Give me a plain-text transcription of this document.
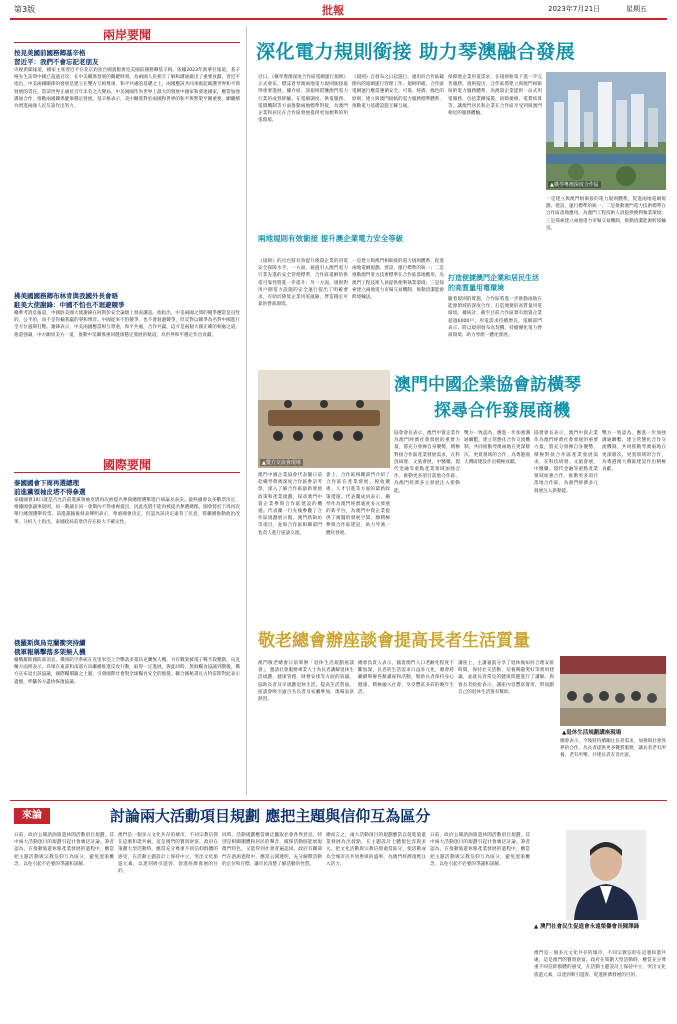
第3版	批報	2023年7月21日	星期五
兩岸要聞
按見美國前國務卿基辛格
習近平：我們不會忘記老朋友
央視新聞報道，國家主席習近平在北京釣魚台國賓館會見美國前國務卿基辛格。依據2023年新華社報道，基辛格先生訪問中國已超過百次，在中美關係發展的關鍵時刻，為兩國人民相互了解和溝通做出了重要貢獻。習近平指出，中美兩國關係的發展是建立在雙方互相尊重、和平共處的基礎之上，兩國應該共同承擔起維護世界和平與發展的責任。當前世界正處於百年未有之大變局，中美兩國作為世界上最大的發展中國家和發達國家，應當加強溝通合作，推動兩國關係健康穩定發展。基辛格表示，美中關係對於兩國和世界的和平與繁榮至關重要，願繼續為增進兩國人民友誼作出努力。
拂美國國務卿布林肯與我國外長會晤
駐美大使謝鋒：中國不怕也不迴避競爭
據參考消息報道，中國駐美國大使謝鋒在阿斯彭安全論壇上發表講話。他指出，中美兩國之間的競爭應當是良性的、公平的，而不是你輸我贏的零和博弈。中國從來不怕競爭，也不會迴避競爭，但反對以競爭為名對中國進行全方位遏制打壓。謝鋒表示，中美兩國應當相互尊重，和平共處，合作共贏，這才是兩個大國正確的相處之道。他還強調，中方願同美方一道，推動中美關係重回健康穩定發展的軌道，為世界和平穩定作出貢獻。
國際要聞
泰國國會下周再選總理
前進黨領袖皮塔不得參選
泰國國會19日就是否允許前進黨領袖皮塔再次被提名參與總理選舉進行辯論及表決。最終國會以多數票決定，根據國會議事規則，同一動議在同一會期內不得重複提出，因此皮塔不能再被提名參選總理。國會將於下周再次舉行總理選舉投票。前進黨隨後發表聲明表示，尊重國會決定，但認為該決定違背了民意，將繼續推動政治改革。分析人士指出，泰國政局前景仍存在較大不確定性。
俄羅斯與烏克蘭衝突持續
俄軍報稱擊落多架無人機
據俄羅斯國防部消息，俄軍防空系統在克里米亞上空擊落多架烏克蘭無人機，另有數架被電子戰手段壓制。烏克蘭方面則表示，烏軍在東部和南部方向繼續推進反攻行動，取得一定進展。與此同時，黑海糧食協議到期後，俄方宣布退出該協議，國際糧價隨之上漲，引發國際社會對全球糧食安全的擔憂。聯合國秘書長古特雷斯對此表示遺憾，呼籲各方盡快恢復協議。
深化電力規則銜接 助力琴澳融合發展
近日，《橫琴粵澳深度合作區電網運行規則》正式發布，標誌着琴澳兩地電力規則銜接取得重要進展。據介紹，該規則借鑒澳門電力行業的成熟經驗，在電網調度、供電服務、電價機制等方面推動兩地標準對接，為澳門企業和居民在合作區發展提供更加便利的用電環境。
《規則》自發布之日起施行，適用於合作區範圍內的電網運行管理工作。規則明確，合作區電網運行應當遵循安全、可靠、經濟、綠色的原則，建立與澳門接軌的電力服務標準體系，推動電力基礎設施互聯互通。
保障澳企業用電需求，在規則框架下進一步完善服務。規則提出，合作區將建立與澳門相銜接的電力服務體系，為澳資企業提供一站式用電服務，包括業擴報裝、故障搶修、電費結算等，讓澳門居民和企業在合作區享受到與澳門相近的服務體驗。
▲橫琴粵澳深度合作區
兩地規則有效銜接 提升澳企業電力安全等級
《規則》的出台將有效提升澳資企業的用電安全保障水平。一方面，通過引入澳門電力行業先進的安全管理標準，合作區電網的供電可靠性將進一步提升；另一方面，規則對用戶側電力設施的安全運行提出了明確要求，有助於降低企業用電風險，營造穩定可靠的營商環境。
一是建立與澳門相銜接的電力規則體系，促進兩地電網規劃、建設、運行標準的統一；二是推動澳門電力技術標準在合作區落地應用，為澳門工程技術人員提供便利執業環境；三是探索建立兩地電力市場交易機制，推動清潔能源跨境輸送。
打造便捷澳門企業和居民生活的高質量用電環境
隨着規則的實施，合作區將進一步推動兩地在能源領域的深度合作，打造便捷的高質量用電環境。據統計，截至目前合作區實有澳資企業超過6000戶，用電需求持續增長。電網部門表示，將以規則發布為契機，持續優化電力營商環境，助力琴澳一體化發展。
一是建立與澳門相銜接的電力規則體系，促進兩地電網規劃、建設、運行標準的統一；二是推動澳門電力技術標準在合作區落地應用，為澳門工程技術人員提供便利執業環境；三是探索建立兩地電力市場交易機制，推動清潔能源跨境輸送。
澳門中國企業協會訪橫琴
探尋合作發展商機
▲雙方交流會現場
澳門中國企業協會代表團日前赴橫琴粵澳深度合作區參訪考察，深入了解合作區最新發展政策和產業規劃，探尋澳門中資企業參與合作區建設的機遇。代表團一行先後參觀了合作區規劃展示館、澳門新街坊等項目，並與合作區相關部門負責人進行座談交流。
會上，合作區相關部門介紹了合作區在產業發展、稅收優惠、人才引進等方面的最新政策措施。代表團成員表示，橫琴作為澳門經濟適度多元發展的新平台，為澳門中資企業提供了廣闊的發展空間，願積極參與合作區建設，助力琴澳一體化發展。
協會會長表示，澳門中資企業作為澳門經濟社會發展的重要力量，將充分發揮自身優勢，積極對接合作區產業發展需求，在科技研發、文旅會展、中醫藥、現代金融等重點產業領域加強合作，推動更多項目落地合作區，為澳門經濟多元發展注入新動能。
雙方一致認為，應進一步加強溝通聯繫，建立常態化合作交流機制，共同推動琴澳兩地在更深層次、更寬領域的合作，為粵港澳大灣區建設作出積極貢獻。
協會會長表示，澳門中資企業作為澳門經濟社會發展的重要力量，將充分發揮自身優勢，積極對接合作區產業發展需求，在科技研發、文旅會展、中醫藥、現代金融等重點產業領域加強合作，推動更多項目落地合作區，為澳門經濟多元發展注入新動能。
雙方一致認為，應進一步加強溝通聯繫，建立常態化合作交流機制，共同推動琴澳兩地在更深層次、更寬領域的合作，為粵港澳大灣區建設作出積極貢獻。
敬老總會辦座談會提高長者生活質量
澳門敬老總會日前舉辦「退休生活規劃座談會」，邀請社會服務專業人士為長者講解退休生活規劃、健康管理、財務安排等方面的知識，協助長者及早規劃退休生活，提高生活質量。座談會吸引逾百名長者及家屬參加，現場氣氛熱烈。
總會負責人表示，隨着澳門人口老齡化程度不斷加深，長者的生活需求日益多元化，總會將繼續舉辦各類講座和活動，幫助長者保持身心健康，積極融入社會，享受豐富多彩的晚年生活。
講座上，主講嘉賓分享了退休後如何合理安排時間、保持社交活動、培養興趣愛好等實用建議，並就長者常見的健康問題進行了講解。與會長者紛紛表示，講座內容豐富實用，對規劃自己的退休生活很有幫助。
▲退休生活規劃講座現場
總會表示，今後將持續關注長者需求，加強與社會各界的合作，為長者提供更多優質服務，讓長者老有所養、老有所樂，共建長者友善社區。
來論	討論兩大活動項目規劃 應把主題與信仰互為區分
日前，政府公開諮詢旅遊休閒活動項目規劃，其中兩大活動項目的規劃引起社會廣泛討論。筆者認為，在推動旅遊休閒產業發展的過程中，應當把主題活動與宗教信仰互為區分，避免混淆概念，以免引起不必要的爭議和誤解。
澳門是一個多元文化共存的城市，不同宗教信仰在這裏和諧共處，這是澳門的寶貴財富。政府在策劃大型活動時，應當充分尊重不同信仰群體的感受，在活動主題設計上保持中立，突出文化旅遊元素，以達到吸引遊客、促進經濟發展的目的。
同時，活動規劃應當廣泛聽取社會各界意見，特別是相關團體和居民的聲音，確保活動既能展現澳門特色，又能得到社會普遍認同。政府有關部門在諮詢過程中，應當公開透明，充分解釋活動的定位和目標，讓市民清楚了解活動的性質。
總而言之，兩大活動項目的規劃應當以促進旅遊業發展為出發點，在主題設計上體現包容與多元，把文化活動與宗教信仰適當區分，使活動成為全城市民共同參與的盛事，為澳門經濟復甦注入活力。
日前，政府公開諮詢旅遊休閒活動項目規劃，其中兩大活動項目的規劃引起社會廣泛討論。筆者認為，在推動旅遊休閒產業發展的過程中，應當把主題活動與宗教信仰互為區分，避免混淆概念，以免引起不必要的爭議和誤解。
澳門是一個多元文化共存的城市，不同宗教信仰在這裏和諧共處，這是澳門的寶貴財富。政府在策劃大型活動時，應當充分尊重不同信仰群體的感受，在活動主題設計上保持中立，突出文化旅遊元素，以達到吸引遊客、促進經濟發展的目的。
▲ 澳門社會民生促進會永遠榮譽會長陳澤鋒
